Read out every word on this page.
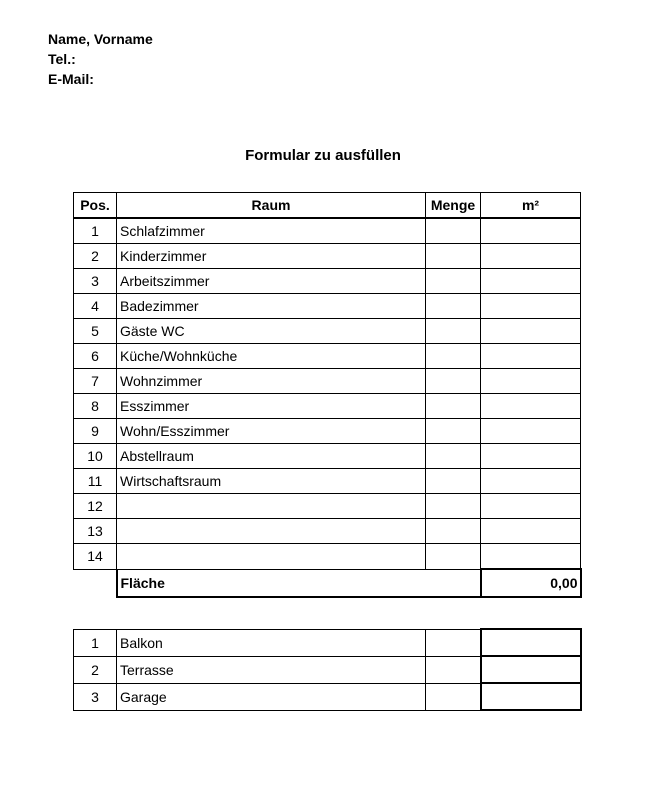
Name, Vorname
Tel.:
E-Mail:
Formular zu ausfüllen
Pos.	Raum	Menge	m²
1	Schlafzimmer		
2	Kinderzimmer		
3	Arbeitszimmer		
4	Badezimmer		
5	Gäste WC		
6	Küche/Wohnküche		
7	Wohnzimmer		
8	Esszimmer		
9	Wohn/Esszimmer		
10	Abstellraum		
11	Wirtschaftsraum		
12			
13			
14			
	Fläche		0,00
1	Balkon		
2	Terrasse		
3	Garage		
